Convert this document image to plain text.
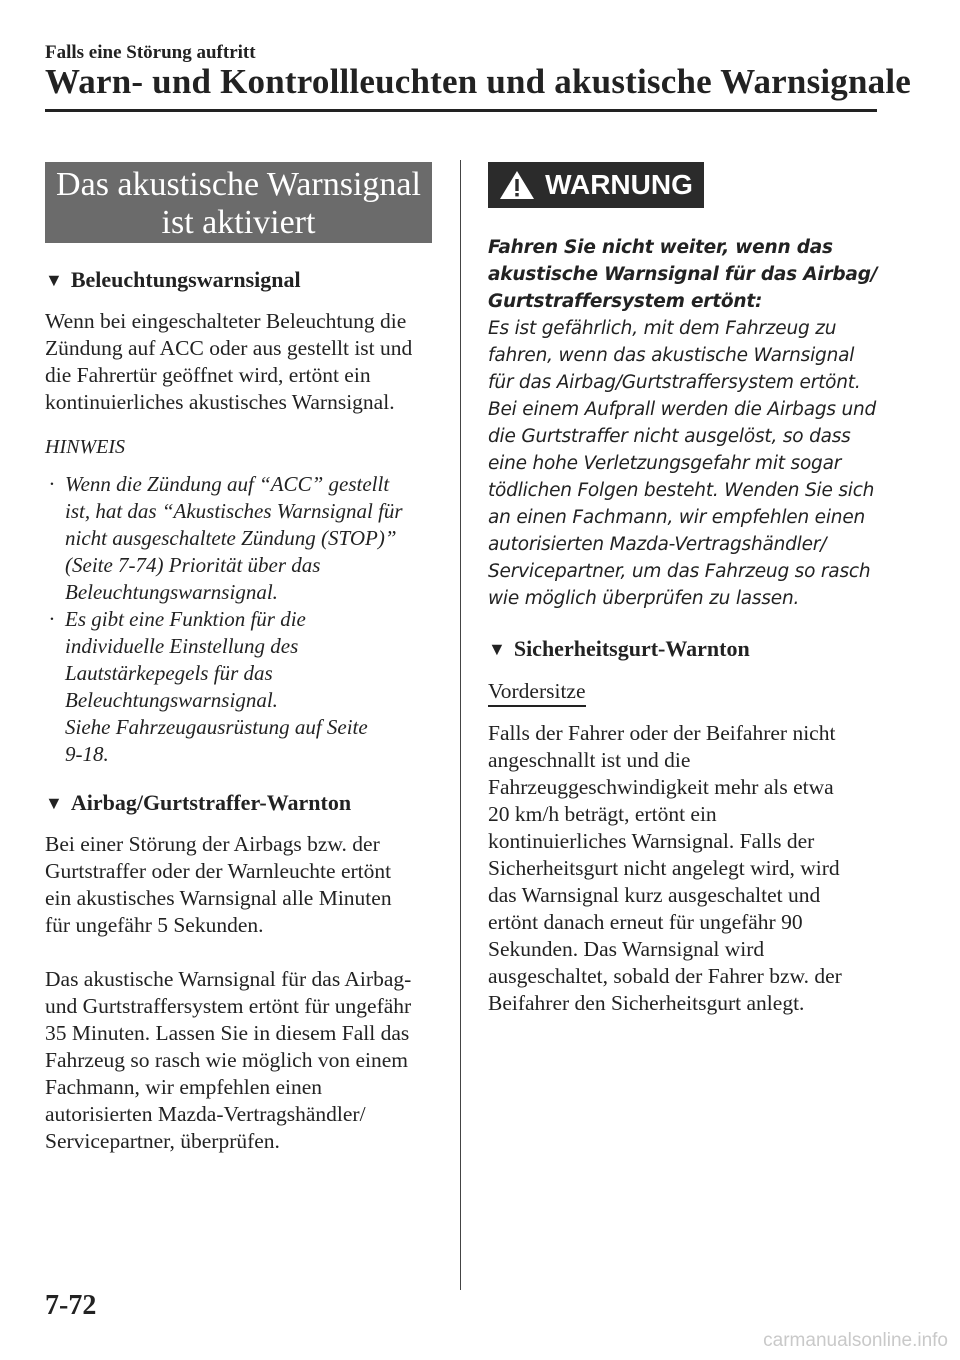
Falls eine Störung auftritt
Warn- und Kontrollleuchten und akustische Warnsignale
Das akustische Warnsignal
ist aktiviert
▼ Beleuchtungswarnsignal

Wenn bei eingeschalteter Beleuchtung die

Zündung auf ACC oder aus gestellt ist und

die Fahrertür geöffnet wird, ertönt ein

kontinuierliches akustisches Warnsignal.

HINWEIS
· Wenn die Zündung auf “ACC” gestellt
ist, hat das “Akustisches Warnsignal für
nicht ausgeschaltete Zündung (STOP)”
(Seite 7-74) Priorität über das
Beleuchtungswarnsignal.
· Es gibt eine Funktion für die
individuelle Einstellung des
Lautstärkepegels für das
Beleuchtungswarnsignal.
Siehe Fahrzeugausrüstung auf Seite
9-18.
▼ Airbag/Gurtstraffer-Warnton

Bei einer Störung der Airbags bzw. der

Gurtstraffer oder der Warnleuchte ertönt

ein akustisches Warnsignal alle Minuten

für ungefähr 5 Sekunden.

Das akustische Warnsignal für das Airbag-

und Gurtstraffersystem ertönt für ungefähr

35 Minuten. Lassen Sie in diesem Fall das

Fahrzeug so rasch wie möglich von einem

Fachmann, wir empfehlen einen

autorisierten Mazda-Vertragshändler/

Servicepartner, überprüfen.

WARNUNG

Fahren Sie nicht weiter, wenn das

akustische Warnsignal für das Airbag/

Gurtstraffersystem ertönt:

Es ist gefährlich, mit dem Fahrzeug zu

fahren, wenn das akustische Warnsignal

für das Airbag/Gurtstraffersystem ertönt.

Bei einem Aufprall werden die Airbags und

die Gurtstraffer nicht ausgelöst, so dass

eine hohe Verletzungsgefahr mit sogar

tödlichen Folgen besteht. Wenden Sie sich

an einen Fachmann, wir empfehlen einen

autorisierten Mazda-Vertragshändler/

Servicepartner, um das Fahrzeug so rasch

wie möglich überprüfen zu lassen.

▼ Sicherheitsgurt-Warnton
Vordersitze

Falls der Fahrer oder der Beifahrer nicht

angeschnallt ist und die

Fahrzeuggeschwindigkeit mehr als etwa

20 km/h beträgt, ertönt ein

kontinuierliches Warnsignal. Falls der

Sicherheitsgurt nicht angelegt wird, wird

das Warnsignal kurz ausgeschaltet und

ertönt danach erneut für ungefähr 90

Sekunden. Das Warnsignal wird

ausgeschaltet, sobald der Fahrer bzw. der

Beifahrer den Sicherheitsgurt anlegt.

7-72
carmanualsonline.info
